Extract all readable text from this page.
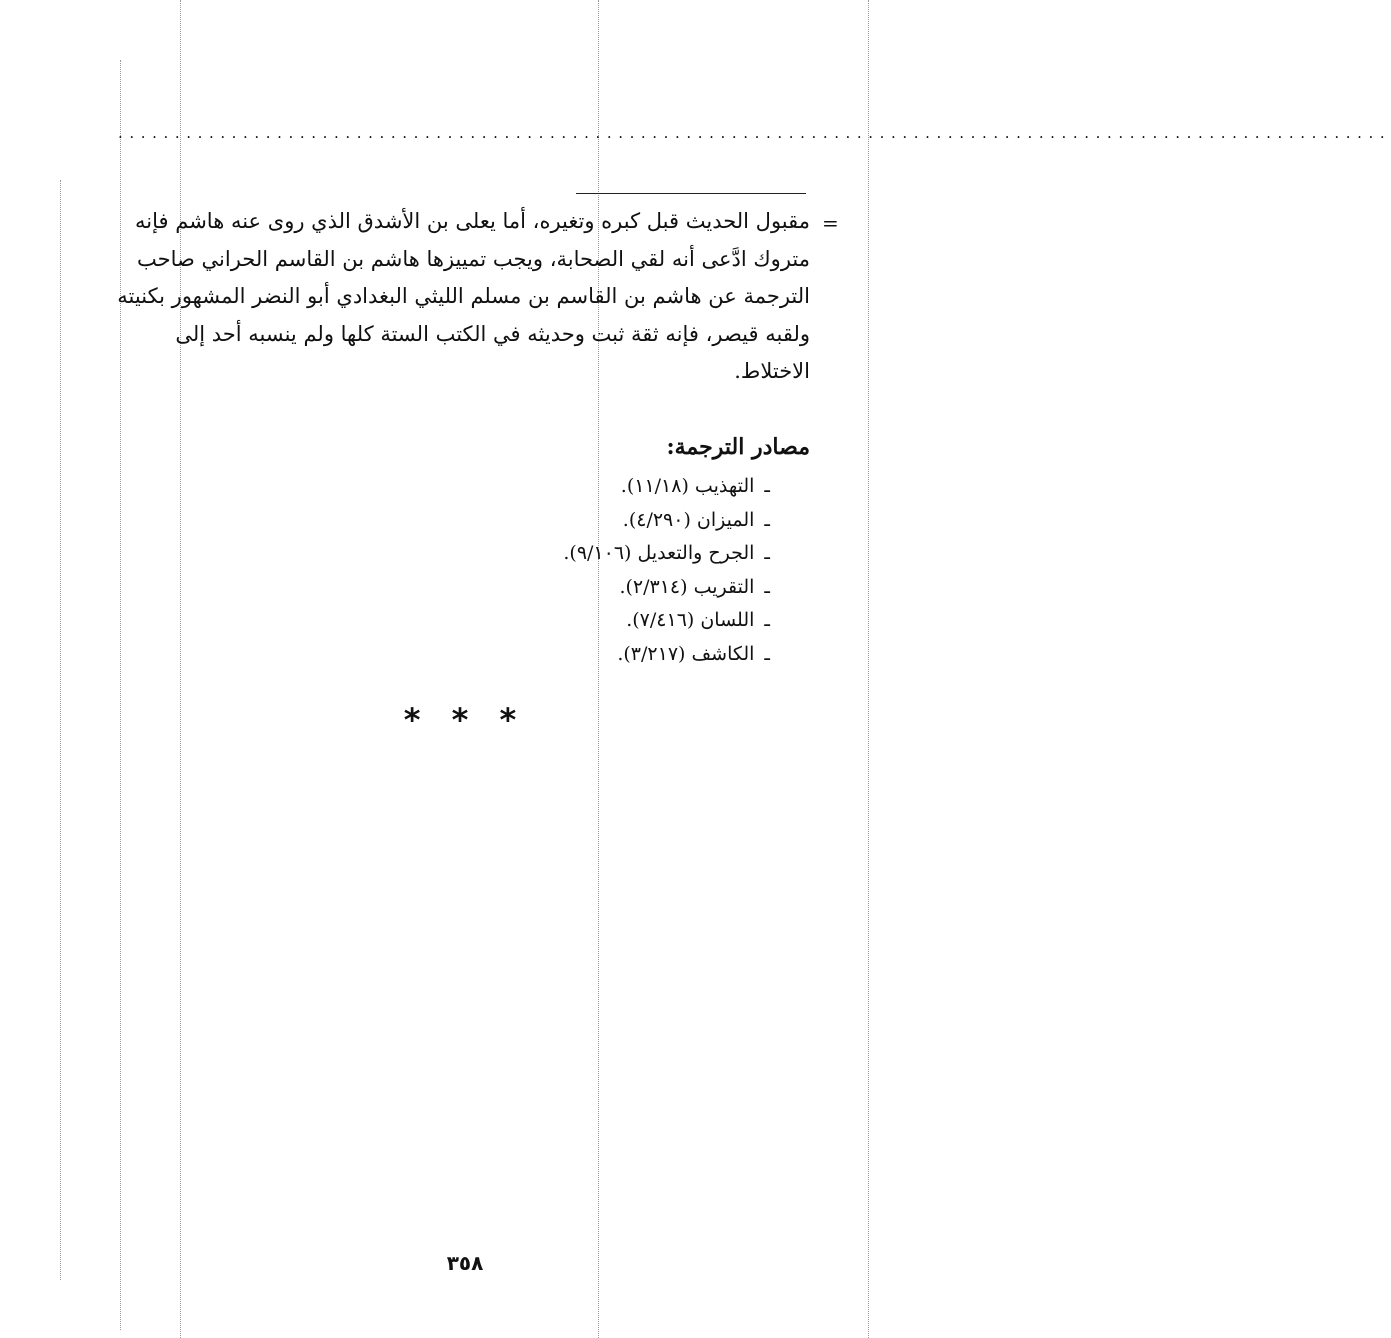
................................................................................................................
=
مقبول الحديث قبل كبره وتغيره، أما يعلى بن الأشدق الذي روى عنه هاشم فإنه
متروك ادَّعى أنه لقي الصحابة، ويجب تمييزها هاشم بن القاسم الحراني صاحب
الترجمة عن هاشم بن القاسم بن مسلم الليثي البغدادي أبو النضر المشهور بكنيته
ولقبه قيصر، فإنه ثقة ثبت وحديثه في الكتب الستة كلها ولم ينسبه أحد إلى
الاختلاط.
مصادر الترجمة:
ـالتهذيب (١١/١٨).
ـالميزان (٤/٢٩٠).
ـالجرح والتعديل (٩/١٠٦).
ـالتقريب (٢/٣١٤).
ـاللسان (٧/٤١٦).
ـالكاشف (٣/٢١٧).
* * *
٣٥٨
